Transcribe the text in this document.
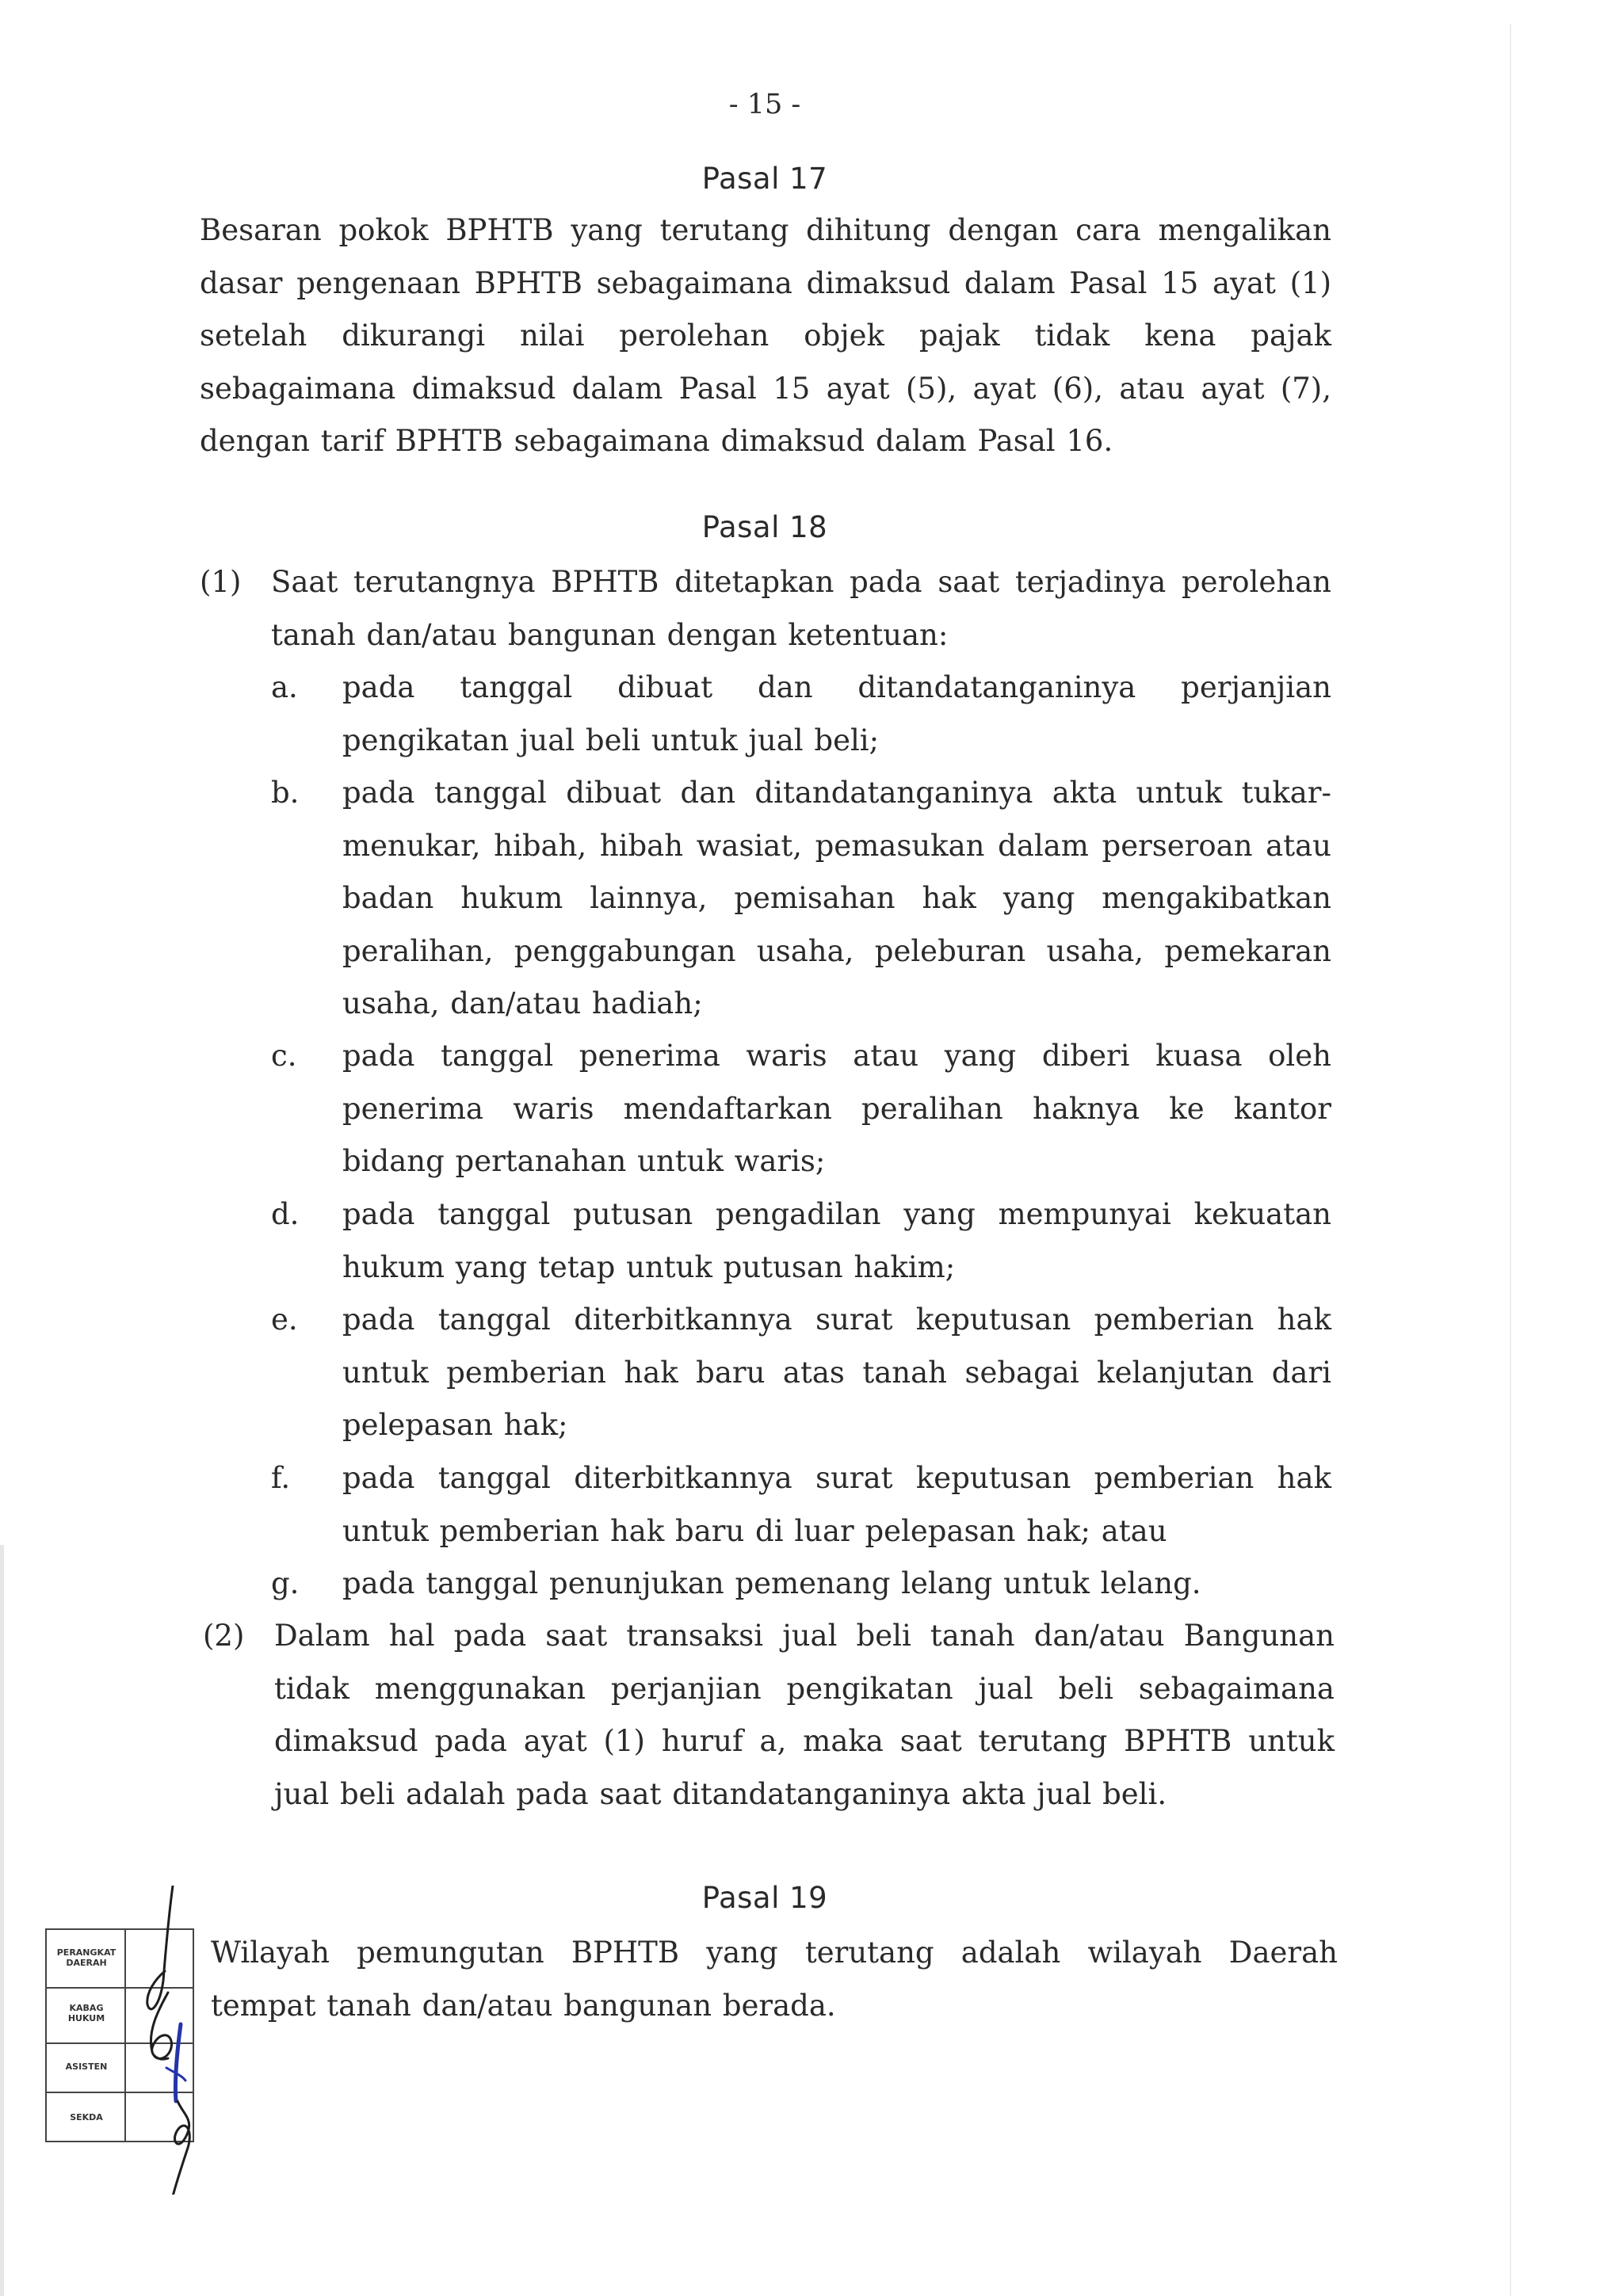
- 15 -
Pasal 17

Besaran pokok BPHTB yang terutang dihitung dengan cara mengalikan dasar pengenaan BPHTB sebagaimana dimaksud dalam Pasal 15 ayat (1) setelah dikurangi nilai perolehan objek pajak tidak kena pajak sebagaimana dimaksud dalam Pasal 15 ayat (5), ayat (6), atau ayat (7), dengan tarif BPHTB sebagaimana dimaksud dalam Pasal 16.

Pasal 18
(1) Saat terutangnya BPHTB ditetapkan pada saat terjadinya perolehan tanah dan/atau bangunan dengan ketentuan:

a. pada tanggal dibuat dan ditandatanganinya perjanjian pengikatan jual beli untuk jual beli;

b. pada tanggal dibuat dan ditandatanganinya akta untuk tukar-menukar, hibah, hibah wasiat, pemasukan dalam perseroan atau badan hukum lainnya, pemisahan hak yang mengakibatkan peralihan, penggabungan usaha, peleburan usaha, pemekaran usaha, dan/atau hadiah;

c. pada tanggal penerima waris atau yang diberi kuasa oleh penerima waris mendaftarkan peralihan haknya ke kantor bidang pertanahan untuk waris;

d. pada tanggal putusan pengadilan yang mempunyai kekuatan hukum yang tetap untuk putusan hakim;

e. pada tanggal diterbitkannya surat keputusan pemberian hak untuk pemberian hak baru atas tanah sebagai kelanjutan dari pelepasan hak;

f. pada tanggal diterbitkannya surat keputusan pemberian hak untuk pemberian hak baru di luar pelepasan hak; atau

g. pada tanggal penunjukan pemenang lelang untuk lelang.

(2) Dalam hal pada saat transaksi jual beli tanah dan/atau Bangunan tidak menggunakan perjanjian pengikatan jual beli sebagaimana dimaksud pada ayat (1) huruf a, maka saat terutang BPHTB untuk jual beli adalah pada saat ditandatanganinya akta jual beli.

Pasal 19

Wilayah pemungutan BPHTB yang terutang adalah wilayah Daerah tempat tanah dan/atau bangunan berada.

PERANGKAT DAERAH
KABAG HUKUM
ASISTEN
SEKDA
